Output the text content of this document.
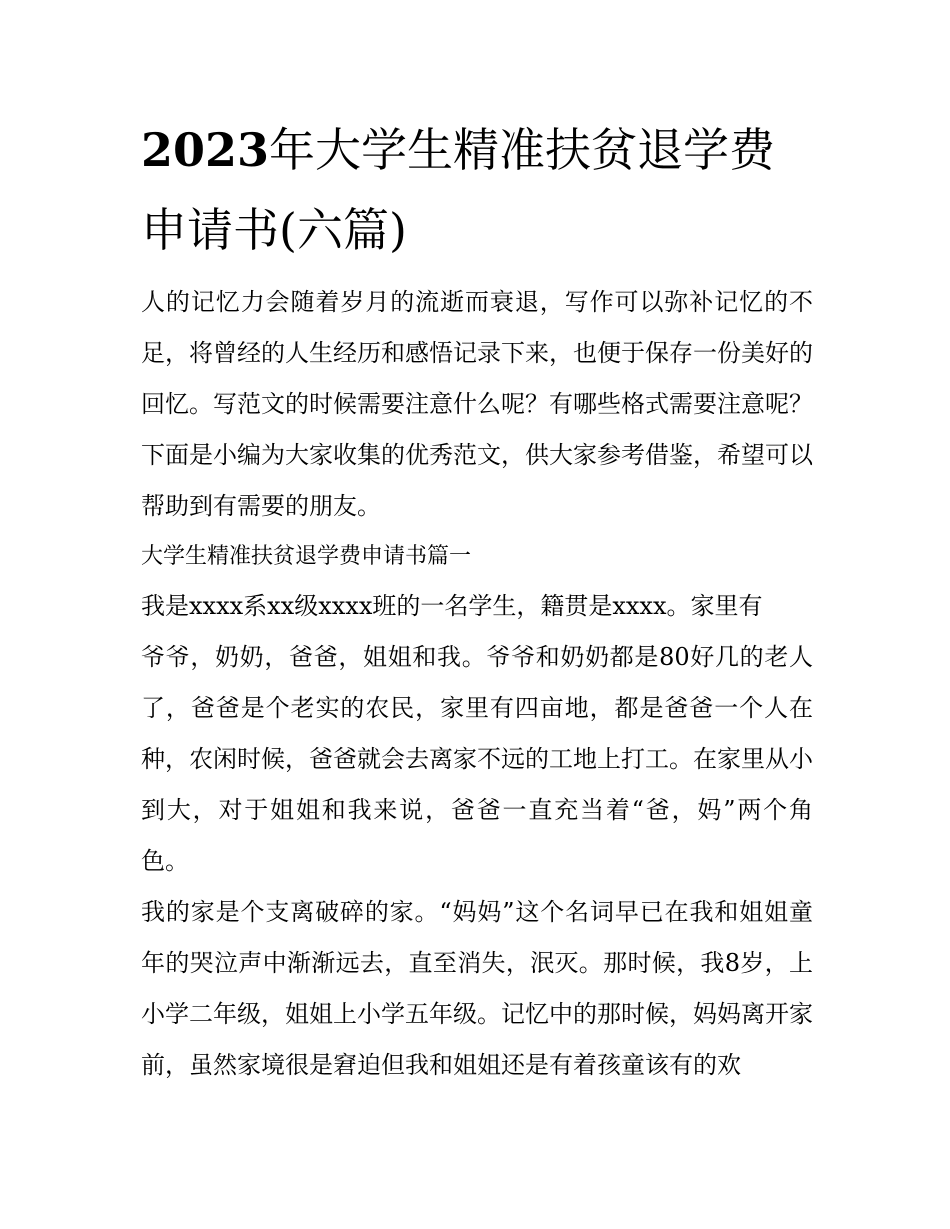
2023年大学生精准扶贫退学费申请书(六篇)

人的记忆力会随着岁月的流逝而衰退，写作可以弥补记忆的不足，将曾经的人生经历和感悟记录下来，也便于保存一份美好的回忆。写范文的时候需要注意什么呢？有哪些格式需要注意呢？下面是小编为大家收集的优秀范文，供大家参考借鉴，希望可以帮助到有需要的朋友。

大学生精准扶贫退学费申请书篇一

我是xxxx系xx级xxxx班的一名学生，籍贯是xxxx。家里有

爷爷，奶奶，爸爸，姐姐和我。爷爷和奶奶都是80好几的老人了，爸爸是个老实的农民，家里有四亩地，都是爸爸一个人在种，农闲时候，爸爸就会去离家不远的工地上打工。在家里从小到大，对于姐姐和我来说，爸爸一直充当着“爸，妈”两个角色。

我的家是个支离破碎的家。“妈妈”这个名词早已在我和姐姐童年的哭泣声中渐渐远去，直至消失，泯灭。那时候，我8岁，上小学二年级，姐姐上小学五年级。记忆中的那时候，妈妈离开家前，虽然家境很是窘迫但我和姐姐还是有着孩童该有的欢
